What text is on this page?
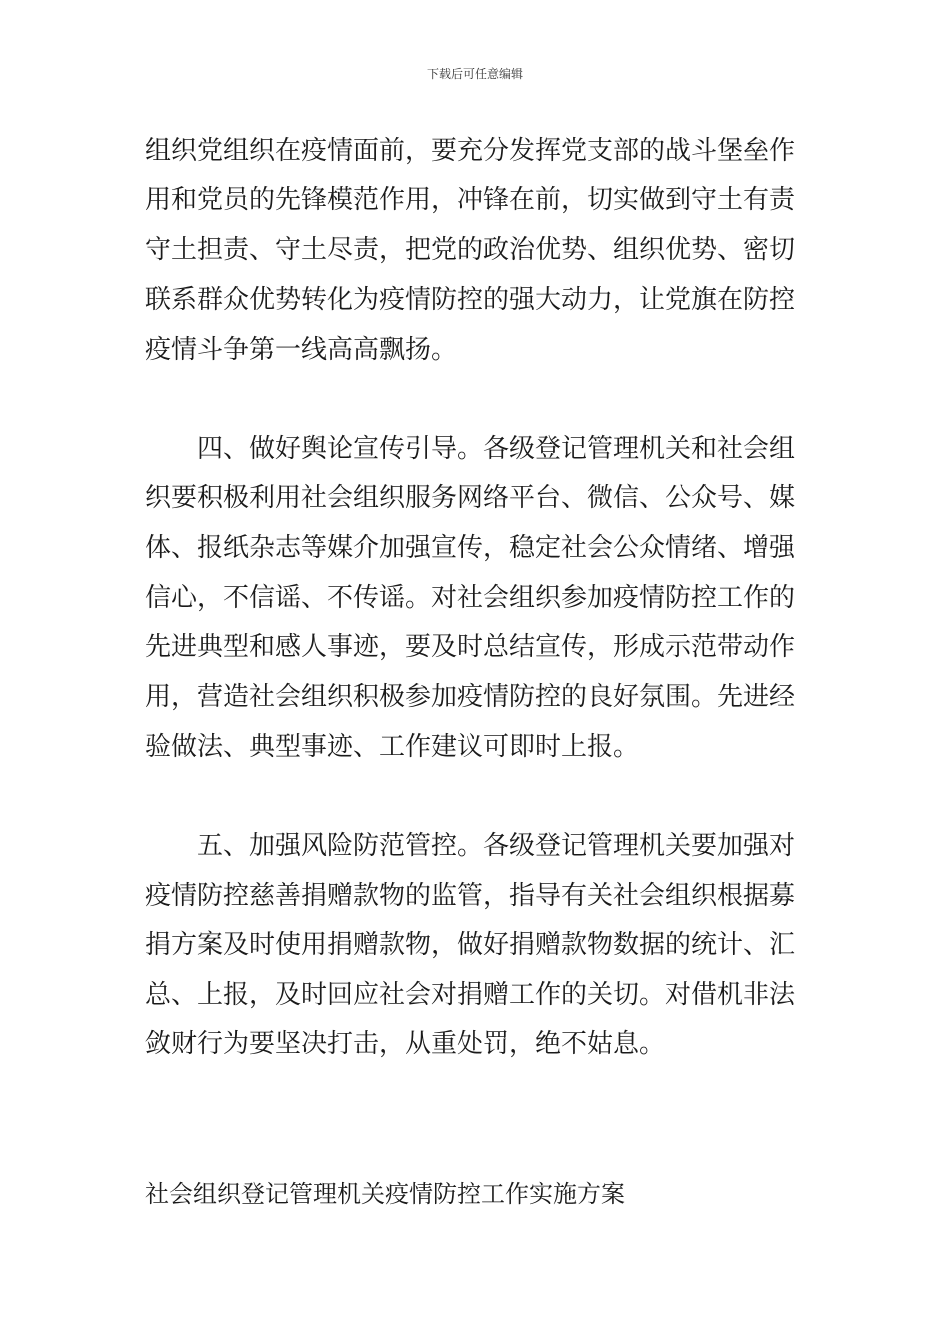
下载后可任意编辑
组织党组织在疫情面前，要充分发挥党支部的战斗堡垒作
用和党员的先锋模范作用，冲锋在前，切实做到守土有责
守土担责、守土尽责，把党的政治优势、组织优势、密切
联系群众优势转化为疫情防控的强大动力，让党旗在防控
疫情斗争第一线高高飘扬。
　　四、做好舆论宣传引导。各级登记管理机关和社会组
织要积极利用社会组织服务网络平台、微信、公众号、媒
体、报纸杂志等媒介加强宣传，稳定社会公众情绪、增强
信心，不信谣、不传谣。对社会组织参加疫情防控工作的
先进典型和感人事迹，要及时总结宣传，形成示范带动作
用，营造社会组织积极参加疫情防控的良好氛围。先进经
验做法、典型事迹、工作建议可即时上报。
　　五、加强风险防范管控。各级登记管理机关要加强对
疫情防控慈善捐赠款物的监管，指导有关社会组织根据募
捐方案及时使用捐赠款物，做好捐赠款物数据的统计、汇
总、上报，及时回应社会对捐赠工作的关切。对借机非法
敛财行为要坚决打击，从重处罚，绝不姑息。
社会组织登记管理机关疫情防控工作实施方案
